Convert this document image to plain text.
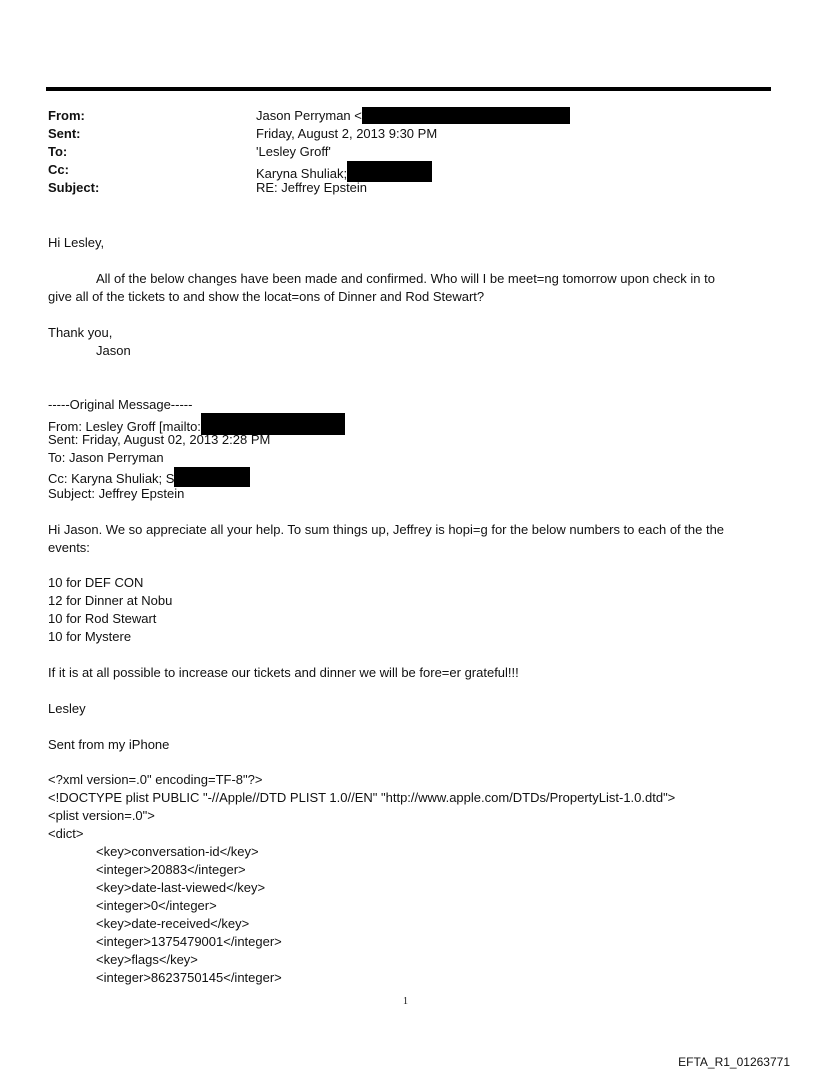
From:	Jason Perryman <
Sent:	Friday, August 2, 2013 9:30 PM
To:	'Lesley Groff'
Cc:	Karyna Shuliak;
Subject:	RE: Jeffrey Epstein
Hi Lesley,
All of the below changes have been made and confirmed. Who will I be meet=ng tomorrow upon check in to
give all of the tickets to and show the locat=ons of Dinner and Rod Stewart?
Thank you,
Jason
-----Original Message-----
From: Lesley Groff [mailto:
Sent: Friday, August 02, 2013 2:28 PM
To: Jason Perryman
Cc: Karyna Shuliak; S
Subject: Jeffrey Epstein
Hi Jason. We so appreciate all your help. To sum things up, Jeffrey is hopi=g for the below numbers to each of the the
events:
10 for DEF CON
12 for Dinner at Nobu
10 for Rod Stewart
10 for Mystere
If it is at all possible to increase our tickets and dinner we will be fore=er grateful!!!
Lesley
Sent from my iPhone
<?xml version=.0" encoding=TF-8"?>
<!DOCTYPE plist PUBLIC "-//Apple//DTD PLIST 1.0//EN" "http://www.apple.com/DTDs/PropertyList-1.0.dtd">
<plist version=.0">
<dict>
<key>conversation-id</key>
<integer>20883</integer>
<key>date-last-viewed</key>
<integer>0</integer>
<key>date-received</key>
<integer>1375479001</integer>
<key>flags</key>
<integer>8623750145</integer>
1
EFTA_R1_01263771
